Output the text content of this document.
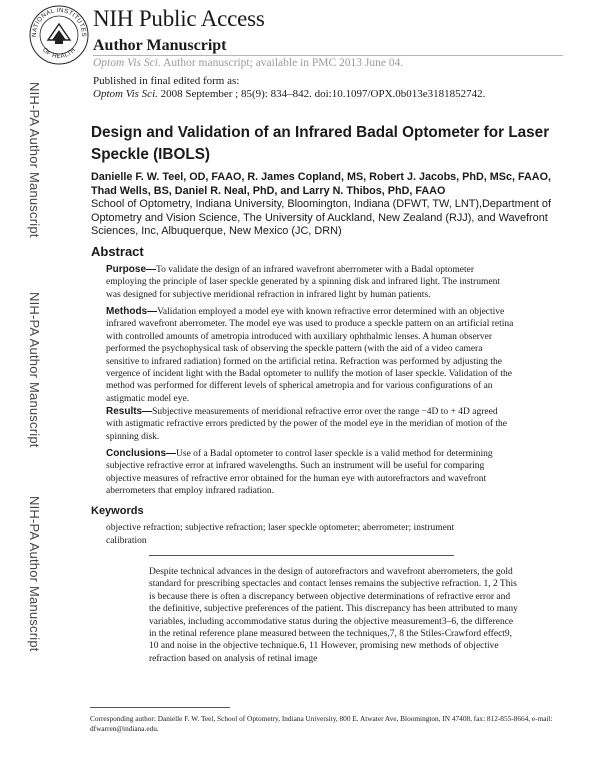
NATIONAL INSTITUTES
OF HEALTH
NIH Public Access
Author Manuscript
Optom Vis Sci. Author manuscript; available in PMC 2013 June 04.
Published in final edited form as:
Optom Vis Sci. 2008 September ; 85(9): 834–842. doi:10.1097/OPX.0b013e3181852742.
NIH-PA Author Manuscript
NIH-PA Author Manuscript
NIH-PA Author Manuscript
Design and Validation of an Infrared Badal Optometer for Laser Speckle (IBOLS)
Danielle F. W. Teel, OD, FAAO, R. James Copland, MS, Robert J. Jacobs, PhD, MSc, FAAO, Thad Wells, BS, Daniel R. Neal, PhD, and Larry N. Thibos, PhD, FAAO
School of Optometry, Indiana University, Bloomington, Indiana (DFWT, TW, LNT),Department of Optometry and Vision Science, The University of Auckland, New Zealand (RJJ), and Wavefront Sciences, Inc, Albuquerque, New Mexico (JC, DRN)
Abstract
Purpose—To validate the design of an infrared wavefront aberrometer with a Badal optometer employing the principle of laser speckle generated by a spinning disk and infrared light. The instrument was designed for subjective meridional refraction in infrared light by human patients.
Methods—Validation employed a model eye with known refractive error determined with an objective infrared wavefront aberrometer. The model eye was used to produce a speckle pattern on an artificial retina with controlled amounts of ametropia introduced with auxiliary ophthalmic lenses. A human observer performed the psychophysical task of observing the speckle pattern (with the aid of a video camera sensitive to infrared radiation) formed on the artificial retina. Refraction was performed by adjusting the vergence of incident light with the Badal optometer to nullify the motion of laser speckle. Validation of the method was performed for different levels of spherical ametropia and for various configurations of an astigmatic model eye.
Results—Subjective measurements of meridional refractive error over the range −4D to + 4D agreed with astigmatic refractive errors predicted by the power of the model eye in the meridian of motion of the spinning disk.
Conclusions—Use of a Badal optometer to control laser speckle is a valid method for determining subjective refractive error at infrared wavelengths. Such an instrument will be useful for comparing objective measures of refractive error obtained for the human eye with autorefractors and wavefront aberrometers that employ infrared radiation.
Keywords
objective refraction; subjective refraction; laser speckle optometer; aberrometer; instrument calibration
Despite technical advances in the design of autorefractors and wavefront aberrometers, the gold standard for prescribing spectacles and contact lenses remains the subjective refraction. 1, 2 This is because there is often a discrepancy between objective determinations of refractive error and the definitive, subjective preferences of the patient. This discrepancy has been attributed to many variables, including accommodative status during the objective measurement3–6, the difference in the retinal reference plane measured between the techniques,7, 8 the Stiles-Crawford effect9, 10 and noise in the objective technique.6, 11 However, promising new methods of objective refraction based on analysis of retinal image
Corresponding author: Danielle F. W. Teel, School of Optometry, Indiana University, 800 E. Atwater Ave, Bloomington, IN 47408, fax: 812-855-8664, e-mail: dfwarren@indiana.edu.
